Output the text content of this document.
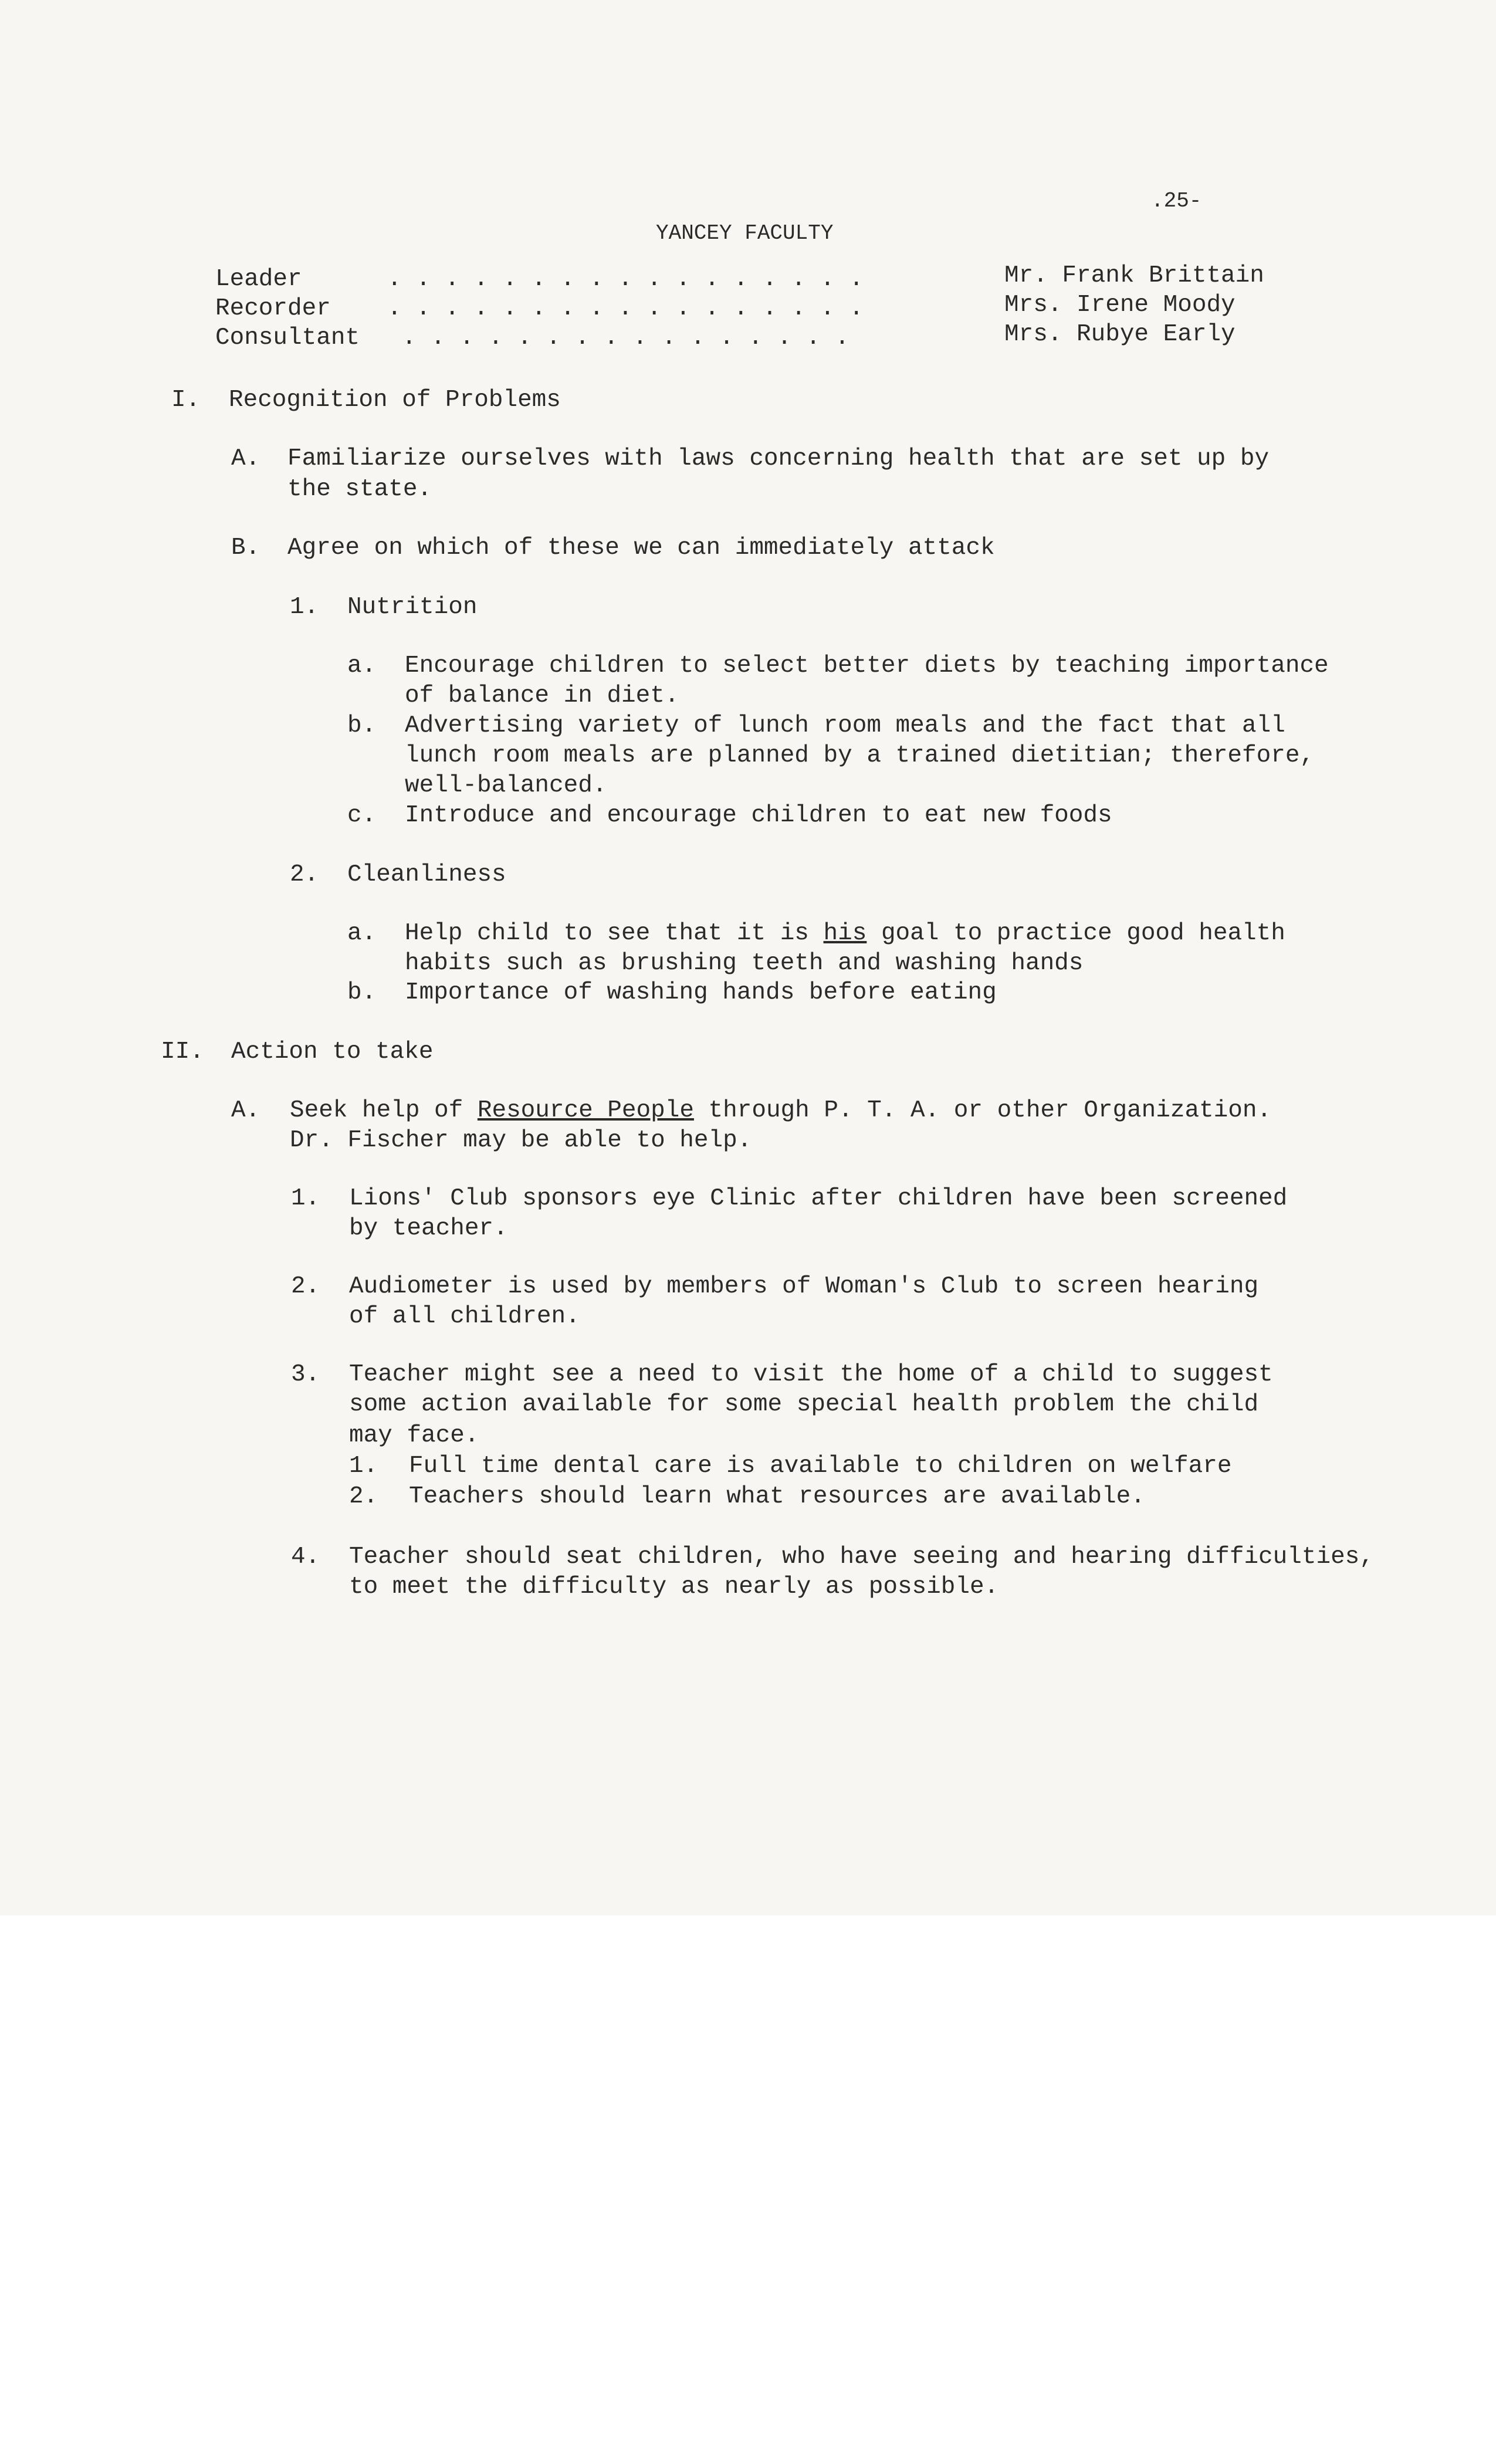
.25-
YANCEY FACULTY
Leader	. . . . . . . . . . . . . . . . .	Mr. Frank Brittain
Recorder . . . . . . . . . . . . . . . . .	Mrs. Irene Moody
Consultant . . . . . . . . . . . . . . . .	Mrs. Rubye Early
I. Recognition of Problems
A. Familiarize ourselves with laws concerning health that are set up by
the state.
B. Agree on which of these we can immediately attack
1. Nutrition
a. Encourage children to select better diets by teaching importance
of balance in diet.
b. Advertising variety of lunch room meals and the fact that all
lunch room meals are planned by a trained dietitian; therefore,
well-balanced.
c. Introduce and encourage children to eat new foods
2. Cleanliness
a. Help child to see that it is his goal to practice good health
habits such as brushing teeth and washing hands
b. Importance of washing hands before eating
II. Action to take
A. Seek help of Resource People through P. T. A. or other Organization.
Dr. Fischer may be able to help.
1. Lions' Club sponsors eye Clinic after children have been screened
by teacher.
2. Audiometer is used by members of Woman's Club to screen hearing
of all children.
3. Teacher might see a need to visit the home of a child to suggest
some action available for some special health problem the child
may face.
1. Full time dental care is available to children on welfare
2. Teachers should learn what resources are available.
4. Teacher should seat children, who have seeing and hearing difficulties,
to meet the difficulty as nearly as possible.
